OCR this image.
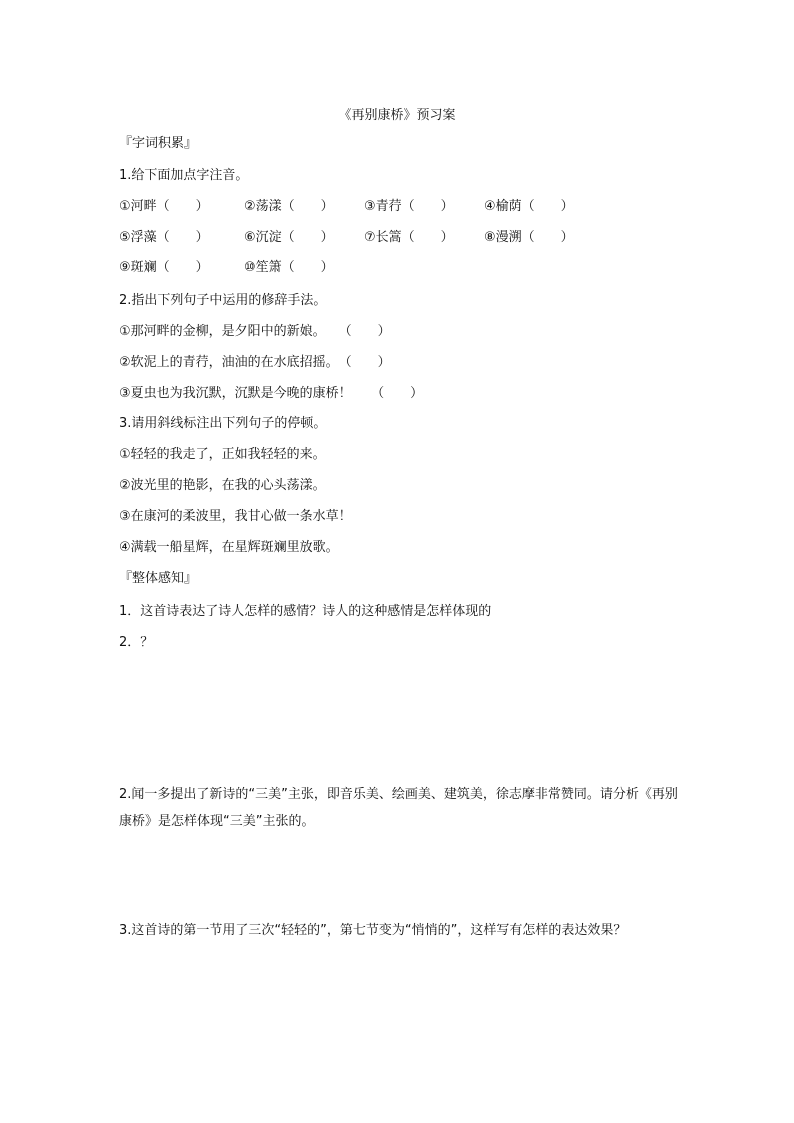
《再别康桥》预习案
『字词积累』
1.给下面加点字注音。
①河畔（　　）	②荡漾（　　） ③青荇（　　） ④榆荫（　　）
⑤浮藻（　　）	⑥沉淀（　　） ⑦长篙（　　） ⑧漫溯（　　）
⑨斑斓（　　）	⑩笙箫（　　）
2.指出下列句子中运用的修辞手法。
①那河畔的金柳，是夕阳中的新娘。　　（　　）
②软泥上的青荇，油油的在水底招摇。　（　　）
③夏虫也为我沉默，沉默是今晚的康桥！　　（　　）
3.请用斜线标注出下列句子的停顿。
①轻轻的我走了，正如我轻轻的来。
②波光里的艳影，在我的心头荡漾。
③在康河的柔波里，我甘心做一条水草！
④满载一船星辉，在星辉斑斓里放歌。
『整体感知』
1．这首诗表达了诗人怎样的感情？诗人的这种感情是怎样体现的
2．？
2.闻一多提出了新诗的“三美”主张，即音乐美、绘画美、建筑美，徐志摩非常赞同。请分析《再别康桥》是怎样体现“三美”主张的。
3.这首诗的第一节用了三次“轻轻的”，第七节变为“悄悄的”，这样写有怎样的表达效果？
